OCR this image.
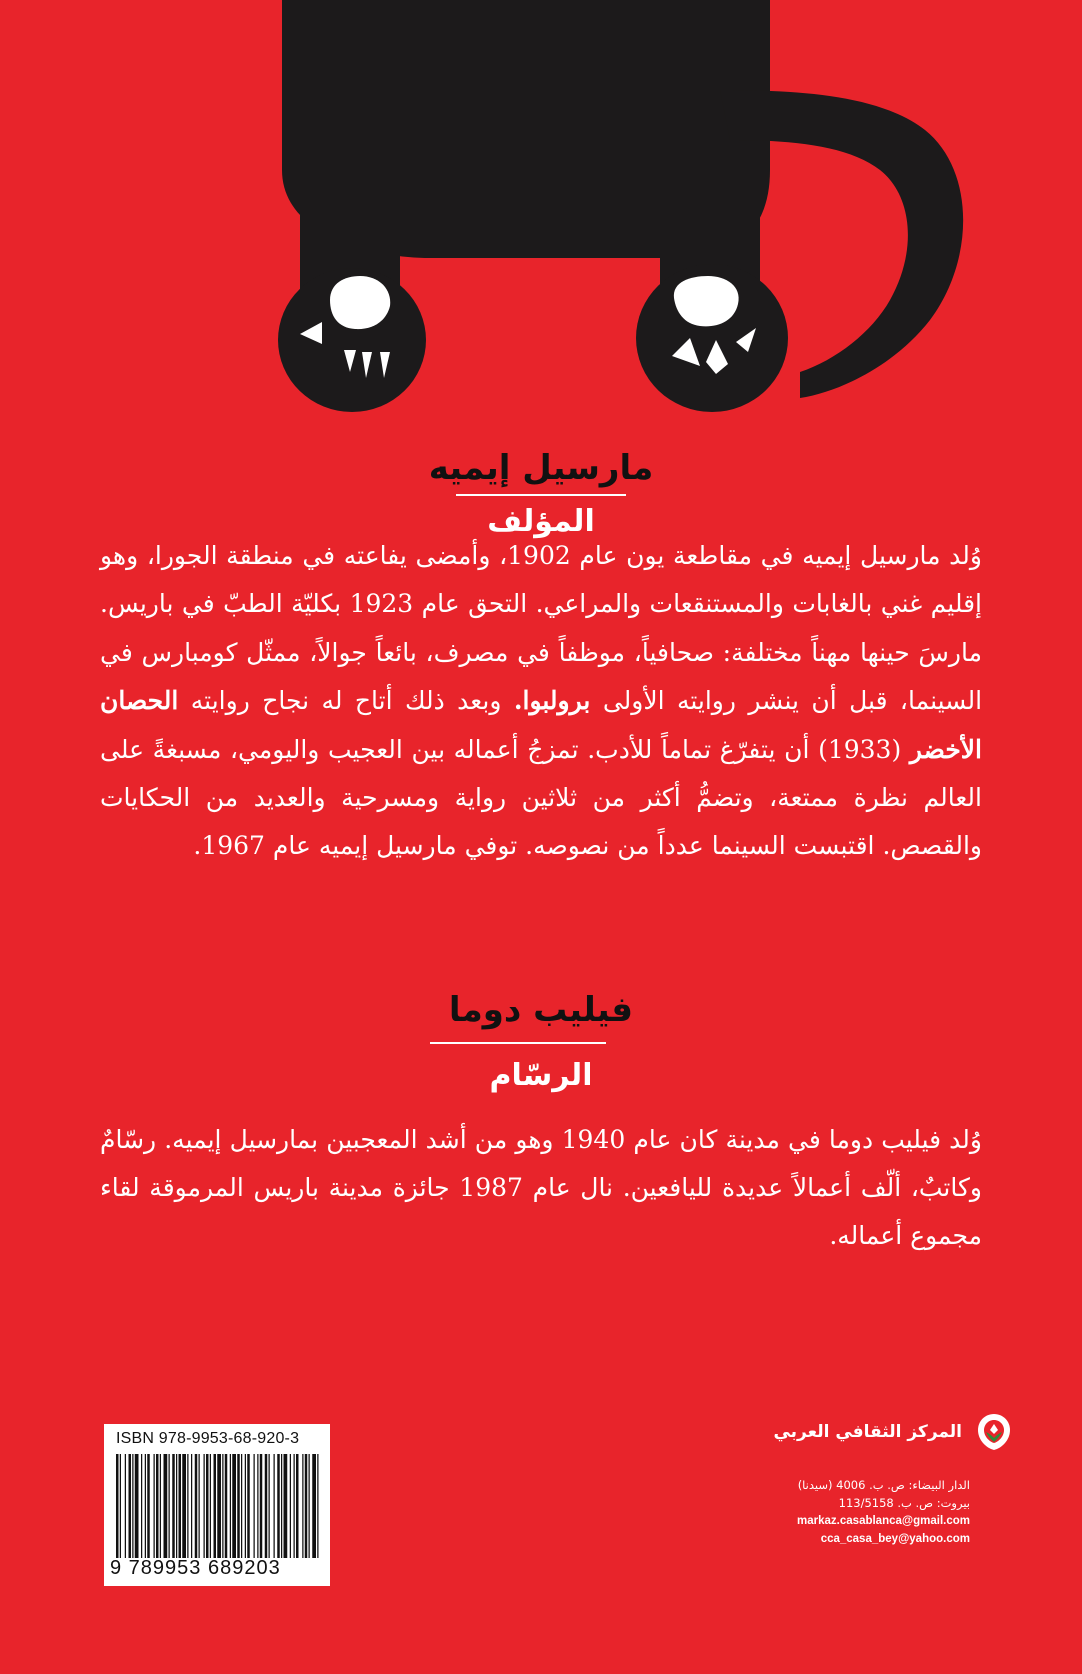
مارسيل إيميه
المؤلف
وُلد مارسيل إيميه في مقاطعة يون عام 1902، وأمضى يفاعته في منطقة الجورا، وهو إقليم غني بالغابات والمستنقعات والمراعي. التحق عام 1923 بكليّة الطبّ في باريس. مارسَ حينها مهناً مختلفة: صحافياً، موظفاً في مصرف، بائعاً جوالاً، ممثّل كومبارس في السينما، قبل أن ينشر روايته الأولى برولبوا. وبعد ذلك أتاح له نجاح روايته الحصان الأخضر (1933) أن يتفرّغ تماماً للأدب. تمزجُ أعماله بين العجيب واليومي، مسبغةً على العالم نظرة ممتعة، وتضمُّ أكثر من ثلاثين رواية ومسرحية والعديد من الحكايات والقصص. اقتبست السينما عدداً من نصوصه. توفي مارسيل إيميه عام 1967.
فيليب دوما
الرسّام
وُلد فيليب دوما في مدينة كان عام 1940 وهو من أشد المعجبين بمارسيل إيميه. رسّامٌ وكاتبٌ، ألّف أعمالاً عديدة لليافعين. نال عام 1987 جائزة مدينة باريس المرموقة لقاء مجموع أعماله.
ISBN 978-9953-68-920-3
9 789953 689203
المركز الثقافي العربي
الدار البيضاء: ص. ب. 4006 (سيدنا)
بيروت: ص. ب. 113/5158
markaz.casablanca@gmail.com
cca_casa_bey@yahoo.com
